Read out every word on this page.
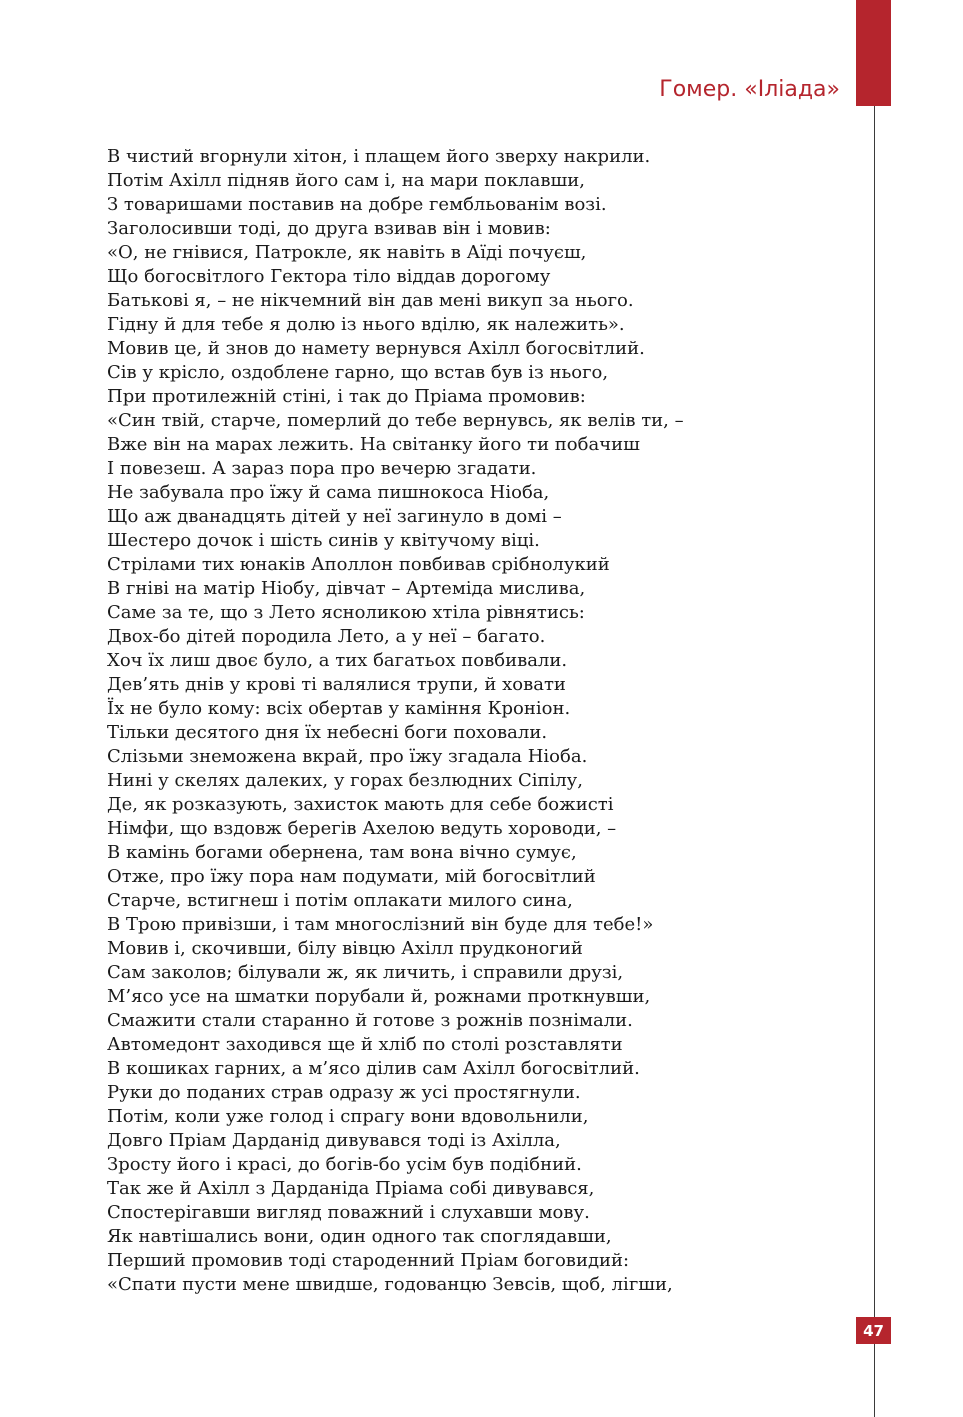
Гомер. «Іліада»
В чистий вгорнули хітон, і плащем його зверху накрили.
Потім Ахілл підняв його сам і, на мари поклавши,
З товаришами поставив на добре гембльованім возі.
Заголосивши тоді, до друга взивав він і мовив:
«О, не гнівися, Патрокле, як навіть в Аїді почуєш,
Що богосвітлого Гектора тіло віддав дорогому
Батькові я, – не нікчемний він дав мені викуп за нього.
Гідну й для тебе я долю із нього вділю, як належить».
Мовив це, й знов до намету вернувся Ахілл богосвітлий.
Сів у крісло, оздоблене гарно, що встав був із нього,
При протилежній стіні, і так до Пріама промовив:
«Син твій, старче, померлий до тебе вернувсь, як велів ти, –
Вже він на марах лежить. На світанку його ти побачиш
І повезеш. А зараз пора про вечерю згадати.
Не забувала про їжу й сама пишнокоса Ніоба,
Що аж дванадцять дітей у неї загинуло в домі –
Шестеро дочок і шість синів у квітучому віці.
Стрілами тих юнаків Аполлон повбивав срібнолукий
В гніві на матір Ніобу, дівчат – Артеміда мислива,
Саме за те, що з Лето ясноликою хтіла рівнятись:
Двох-бо дітей породила Лето, а у неї – багато.
Хоч їх лиш двоє було, а тих багатьох повбивали.
Дев’ять днів у крові ті валялися трупи, й ховати
Їх не було кому: всіх обертав у каміння Кроніон.
Тільки десятого дня їх небесні боги поховали.
Слізьми знеможена вкрай, про їжу згадала Ніоба.
Нині у скелях далеких, у горах безлюдних Сіпілу,
Де, як розказують, захисток мають для себе божисті
Німфи, що вздовж берегів Ахелою ведуть хороводи, –
В камінь богами обернена, там вона вічно сумує,
Отже, про їжу пора нам подумати, мій богосвітлий
Старче, встигнеш і потім оплакати милого сина,
В Трою привізши, і там многослізний він буде для тебе!»
Мовив і, скочивши, білу вівцю Ахілл прудконогий
Сам заколов; білували ж, як личить, і справили друзі,
М’ясо усе на шматки порубали й, рожнами проткнувши,
Смажити стали старанно й готове з рожнів познімали.
Автомедонт заходився ще й хліб по столі розставляти
В кошиках гарних, а м’ясо ділив сам Ахілл богосвітлий.
Руки до поданих страв одразу ж усі простягнули.
Потім, коли уже голод і спрагу вони вдовольнили,
Довго Пріам Дарданід дивувався тоді із Ахілла,
Зросту його і красі, до богів-бо усім був подібний.
Так же й Ахілл з Дарданіда Пріама собі дивувався,
Спостерігавши вигляд поважний і слухавши мову.
Як навтішались вони, один одного так споглядавши,
Перший промовив тоді староденний Пріам боговидий:
«Спати пусти мене швидше, годованцю Зевсів, щоб, лігши,
47
